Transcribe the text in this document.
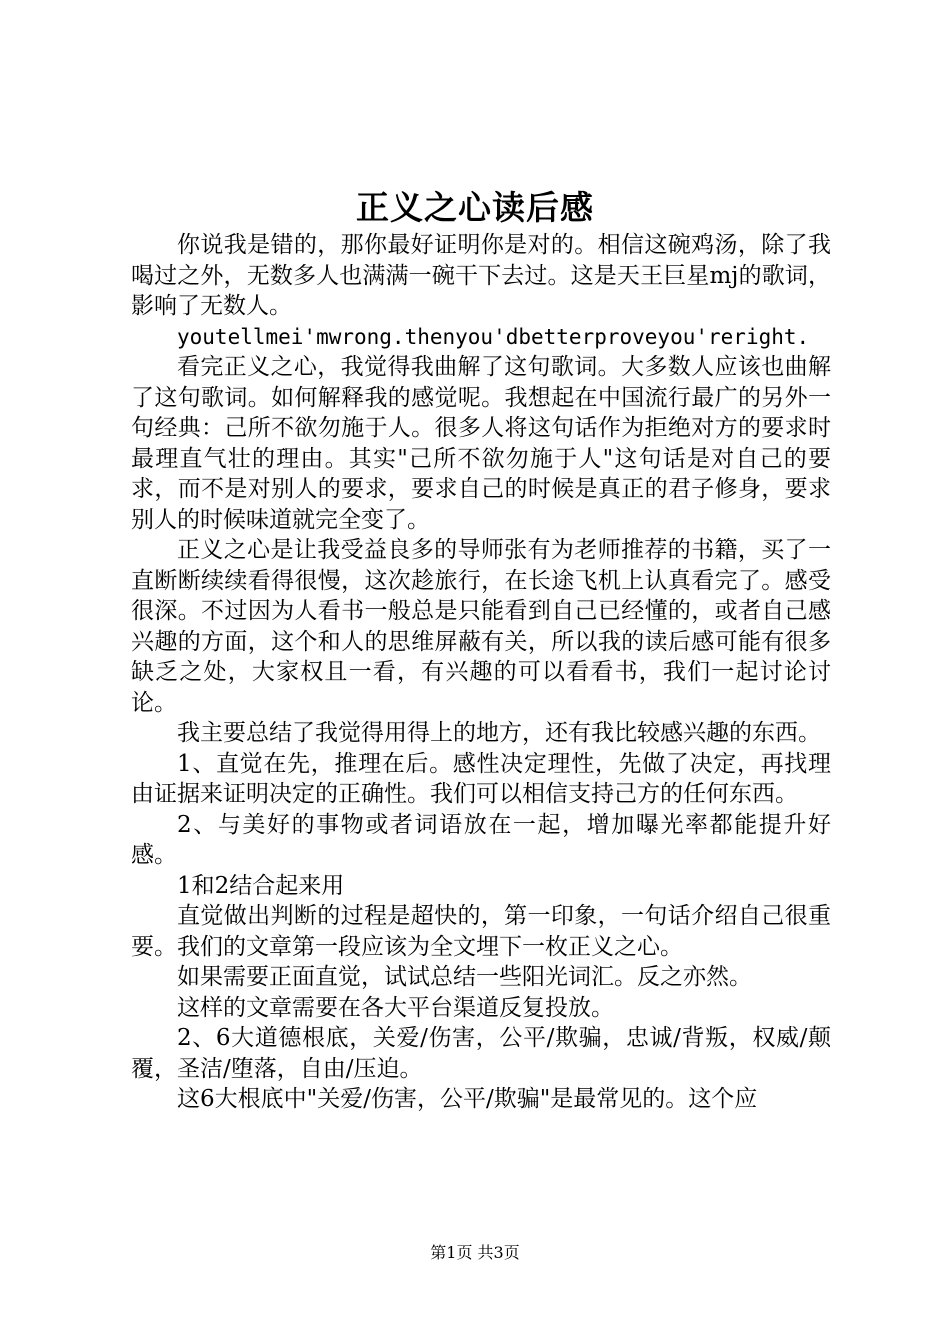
正义之心读后感

你说我是错的，那你最好证明你是对的。相信这碗鸡汤，除了我喝过之外，无数多人也满满一碗干下去过。这是天王巨星mj的歌词，影响了无数人。

youtellmei'mwrong.thenyou'dbetterproveyou'reright.

看完正义之心，我觉得我曲解了这句歌词。大多数人应该也曲解了这句歌词。如何解释我的感觉呢。我想起在中国流行最广的另外一句经典：己所不欲勿施于人。很多人将这句话作为拒绝对方的要求时最理直气壮的理由。其实"己所不欲勿施于人"这句话是对自己的要求，而不是对别人的要求，要求自己的时候是真正的君子修身，要求别人的时候味道就完全变了。

正义之心是让我受益良多的导师张有为老师推荐的书籍，买了一直断断续续看得很慢，这次趁旅行，在长途飞机上认真看完了。感受很深。不过因为人看书一般总是只能看到自己已经懂的，或者自己感兴趣的方面，这个和人的思维屏蔽有关，所以我的读后感可能有很多缺乏之处，大家权且一看，有兴趣的可以看看书，我们一起讨论讨论。

我主要总结了我觉得用得上的地方，还有我比较感兴趣的东西。

1、直觉在先，推理在后。感性决定理性，先做了决定，再找理由证据来证明决定的正确性。我们可以相信支持己方的任何东西。

2、与美好的事物或者词语放在一起，增加曝光率都能提升好感。

1和2结合起来用

直觉做出判断的过程是超快的，第一印象，一句话介绍自己很重要。我们的文章第一段应该为全文埋下一枚正义之心。

如果需要正面直觉，试试总结一些阳光词汇。反之亦然。

这样的文章需要在各大平台渠道反复投放。

2、6大道德根底，关爱/伤害，公平/欺骗，忠诚/背叛，权威/颠覆，圣洁/堕落，自由/压迫。

这6大根底中"关爱/伤害，公平/欺骗"是最常见的。这个应

第1页 共3页
